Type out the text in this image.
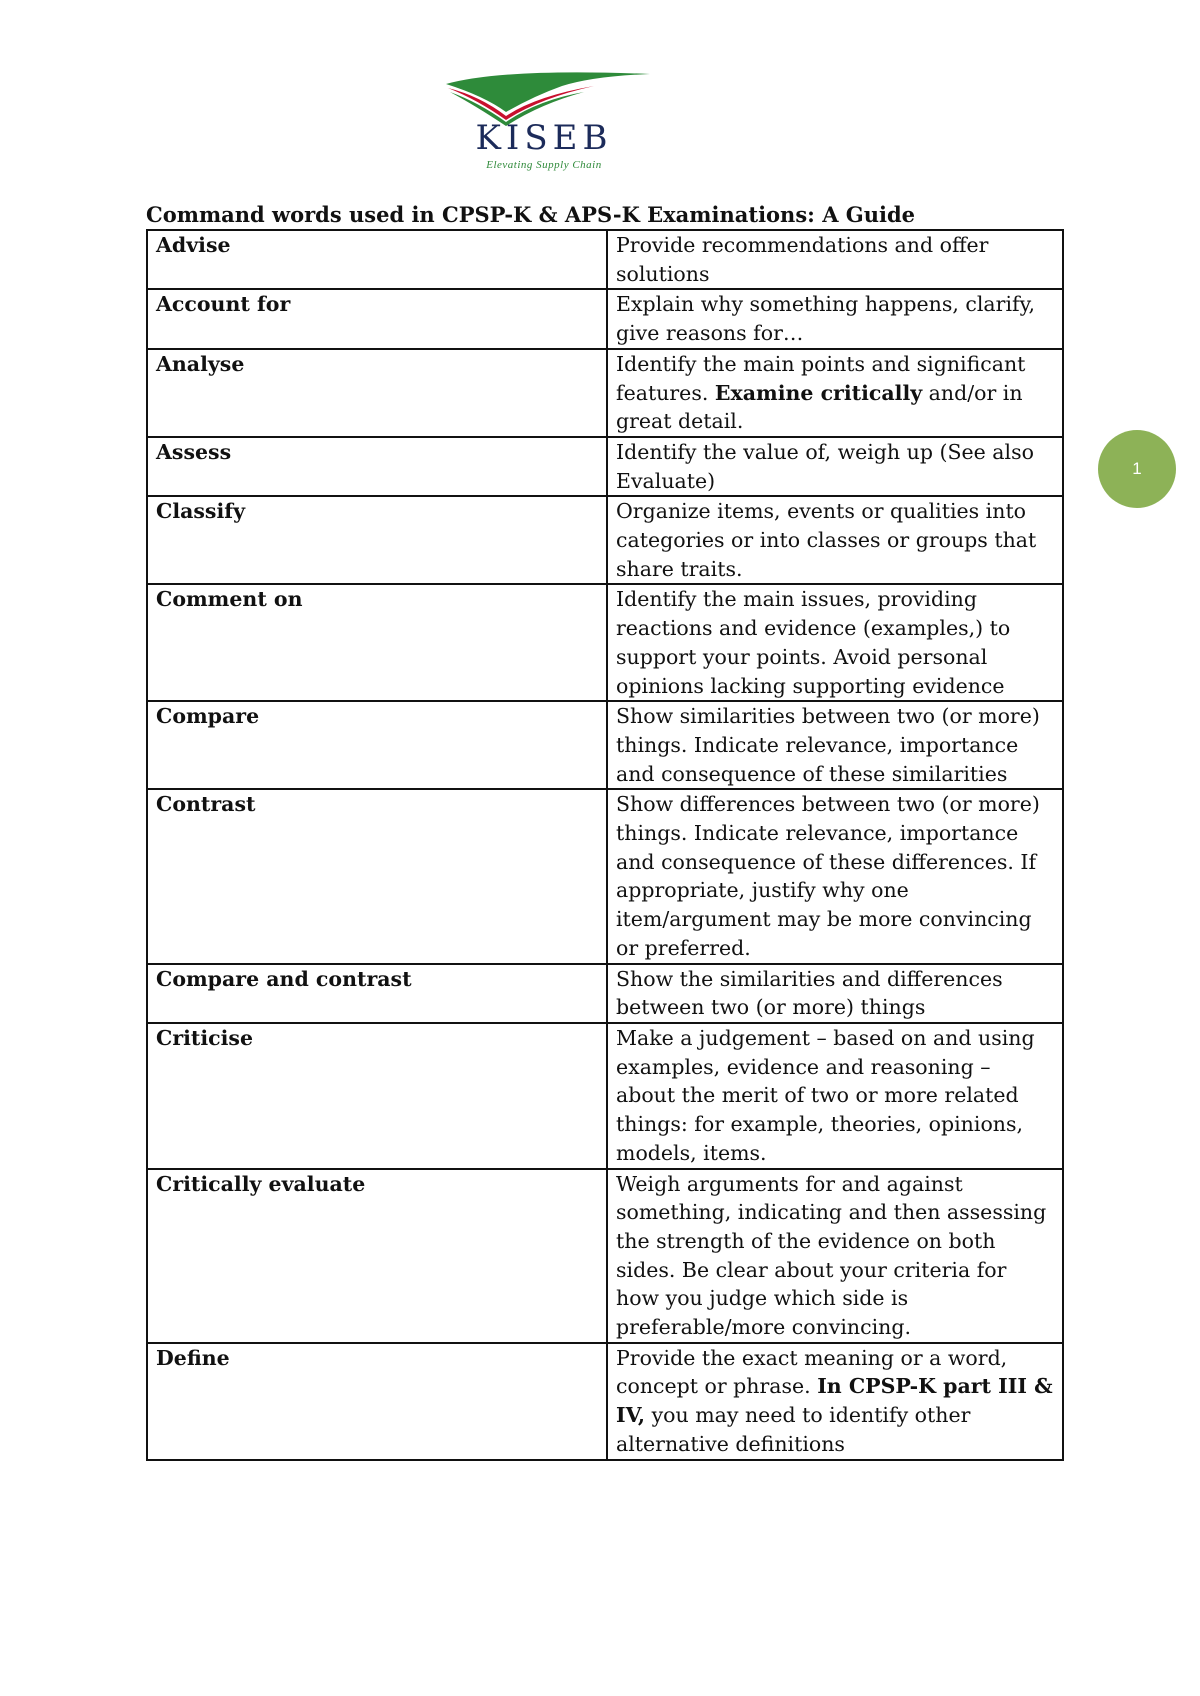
KISEB
Elevating Supply Chain
Command words used in CPSP-K & APS-K Examinations: A Guide
Advise	Provide recommendations and offer solutions
Account for	Explain why something happens, clarify, give reasons for…
Analyse	Identify the main points and significant features. Examine critically and/or in great detail.
Assess	Identify the value of, weigh up (See also Evaluate)
Classify	Organize items, events or qualities into categories or into classes or groups that share traits.
Comment on	Identify the main issues, providing reactions and evidence (examples,) to support your points. Avoid personal opinions lacking supporting evidence
Compare	Show similarities between two (or more) things. Indicate relevance, importance and consequence of these similarities
Contrast	Show differences between two (or more) things. Indicate relevance, importance and consequence of these differences. If appropriate, justify why one item/argument may be more convincing or preferred.
Compare and contrast	Show the similarities and differences between two (or more) things
Criticise	Make a judgement – based on and using examples, evidence and reasoning – about the merit of two or more related things: for example, theories, opinions, models, items.
Critically evaluate	Weigh arguments for and against something, indicating and then assessing the strength of the evidence on both sides. Be clear about your criteria for how you judge which side is preferable/more convincing.
Define	Provide the exact meaning or a word, concept or phrase. In CPSP-K part III & IV, you may need to identify other alternative definitions
1
